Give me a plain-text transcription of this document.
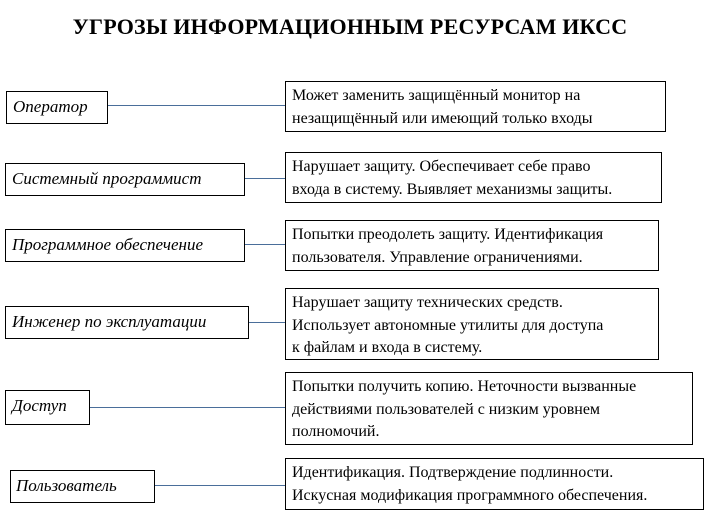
УГРОЗЫ ИНФОРМАЦИОННЫМ РЕСУРСАМ ИКСС
Оператор
Может заменить защищённый монитор на
незащищённый или имеющий только входы
Системный программист
Нарушает защиту. Обеспечивает себе право
входа в систему. Выявляет механизмы защиты.
Программное обеспечение
Попытки преодолеть защиту. Идентификация
пользователя. Управление ограничениями.
Инженер по эксплуатации
Нарушает защиту технических средств.
Использует автономные утилиты для доступа
к файлам и входа в систему.
Доступ
Попытки получить копию. Неточности вызванные
действиями пользователей с низким уровнем
полномочий.
Пользователь
Идентификация. Подтверждение подлинности.
Искусная модификация программного обеспечения.
